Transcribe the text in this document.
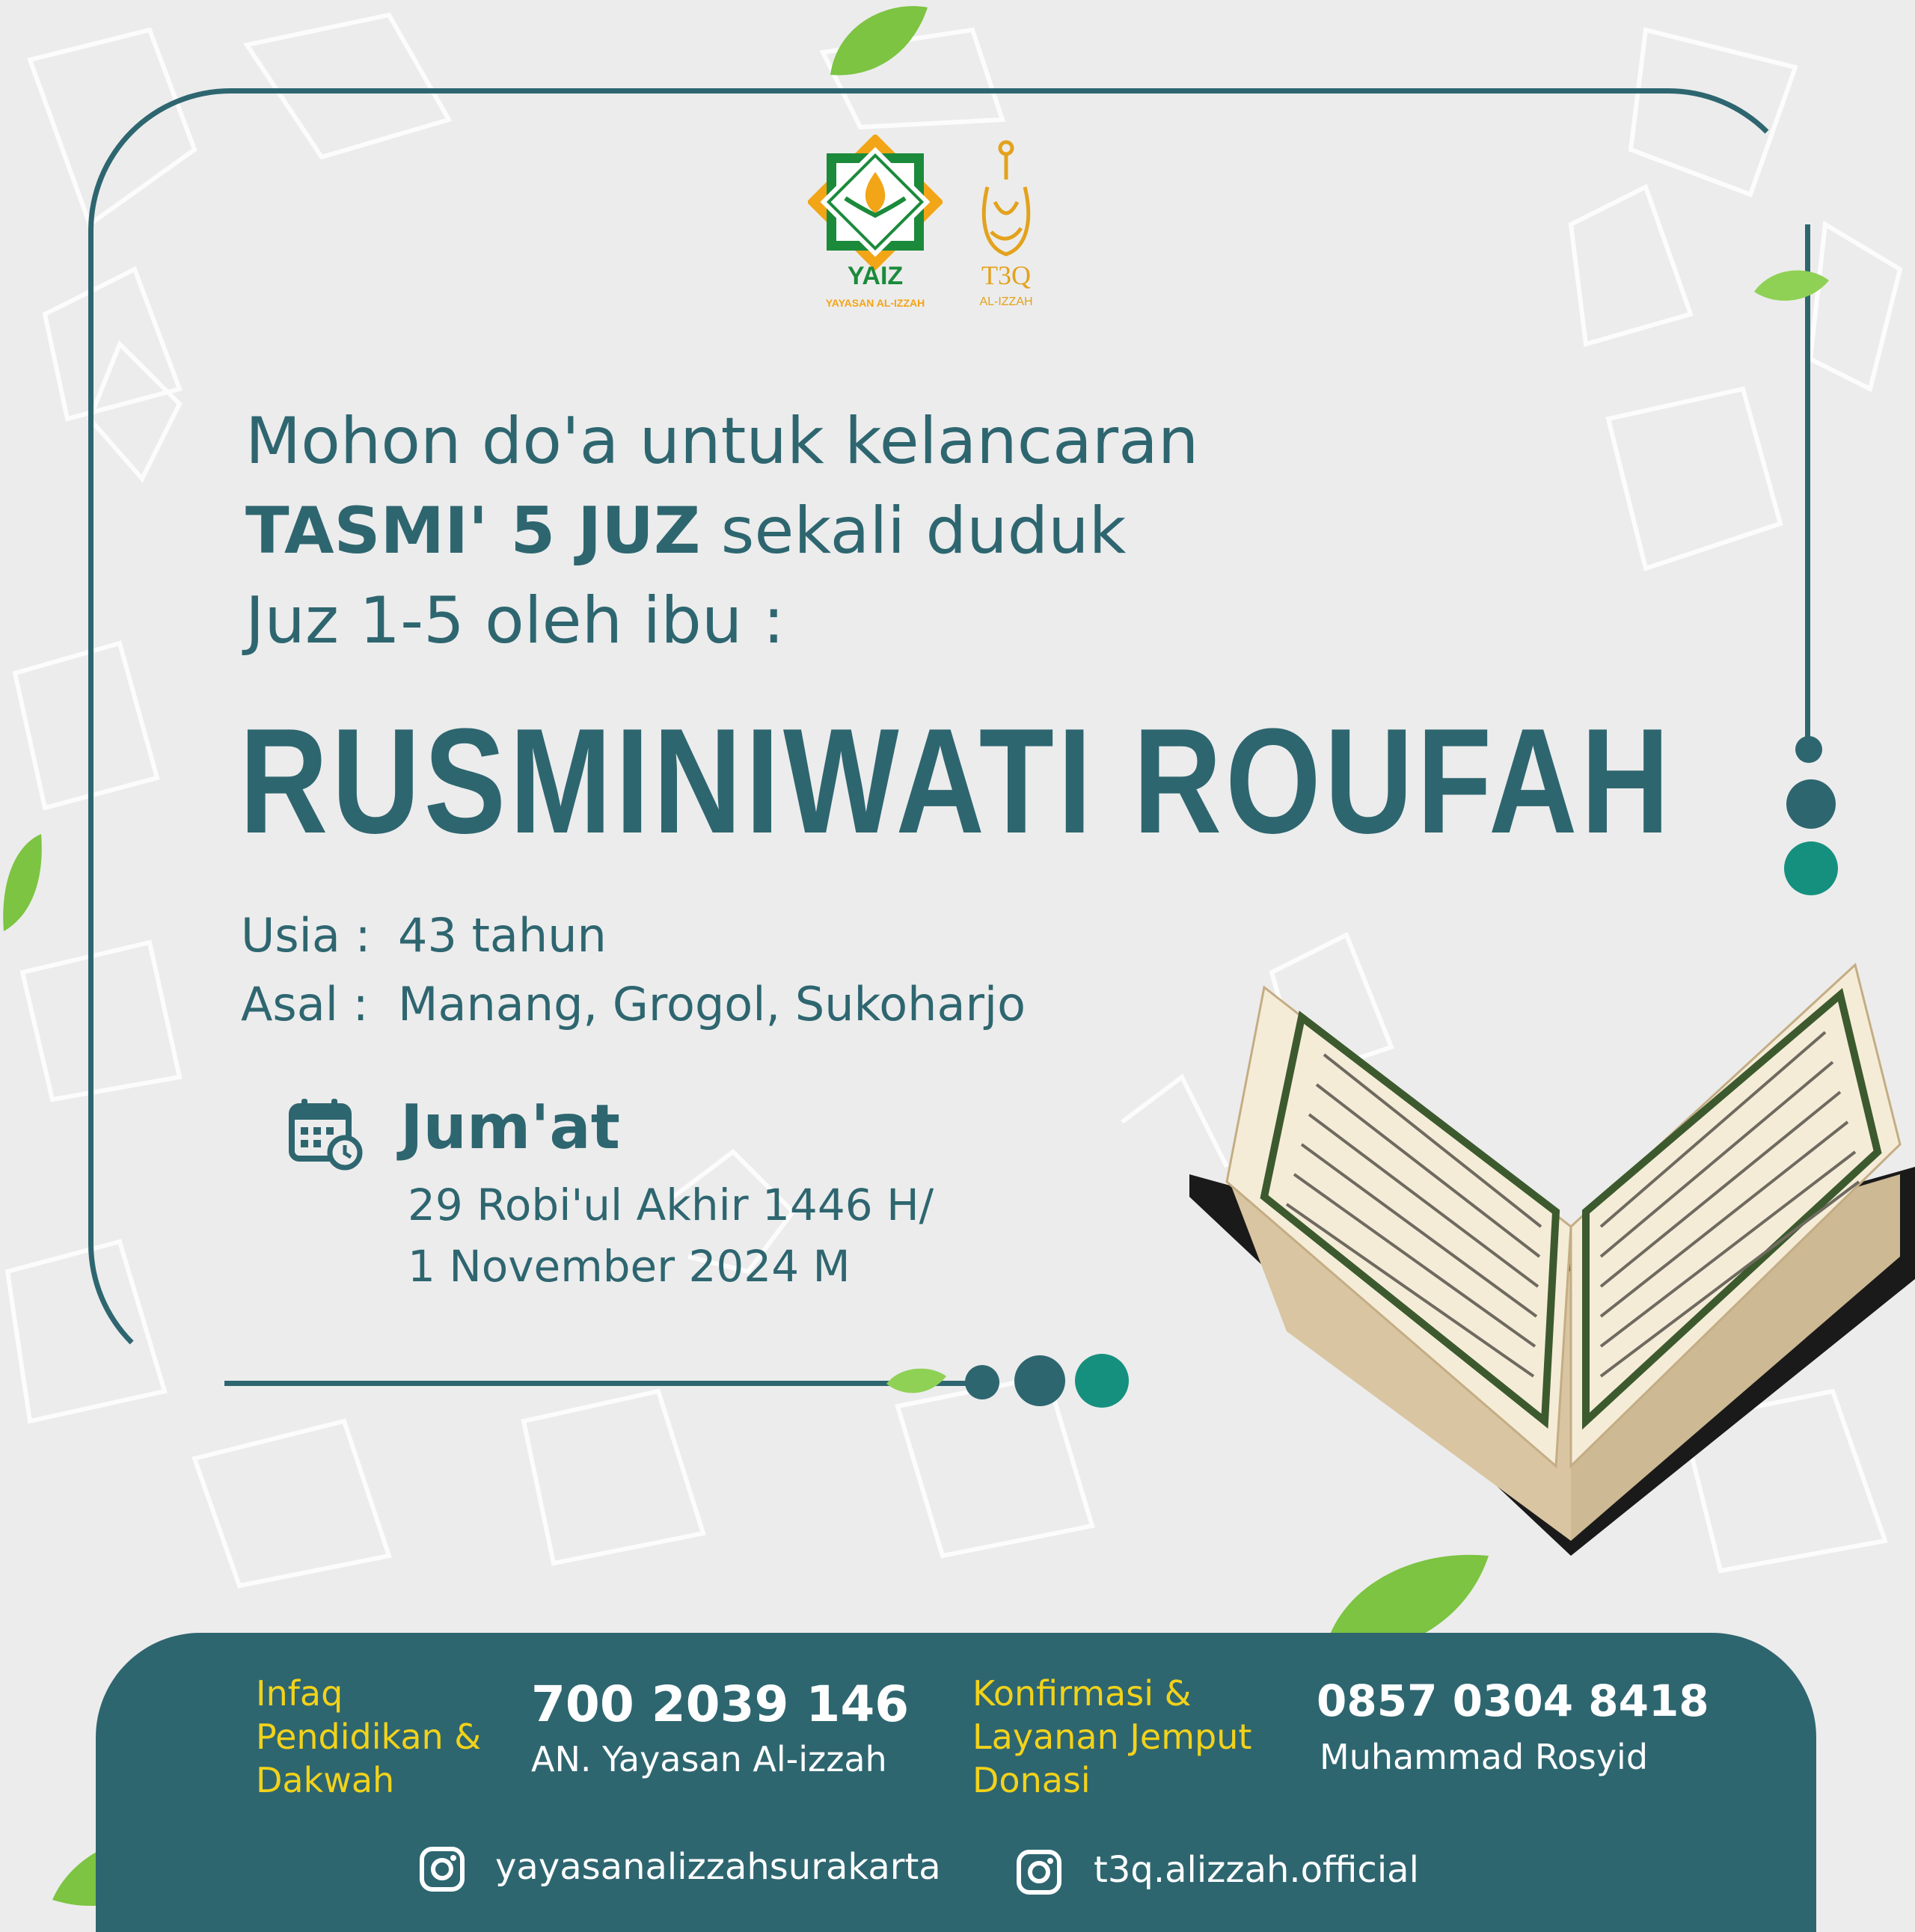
YAIZ
YAYASAN AL-IZZAH
T3Q
AL-IZZAH
Mohon do'a untuk kelancaran
TASMI' 5 JUZ sekali duduk
Juz 1-5 oleh ibu :
RUSMINIWATI ROUFAH
Usia : 43 tahun
Asal : Manang, Grogol, Sukoharjo
Jum'at
29 Robi'ul Akhir 1446 H/
1 November 2024 M
Infaq
Pendidikan &
Dakwah
700 2039 146
AN. Yayasan Al-izzah
Konfirmasi &
Layanan Jemput
Donasi
0857 0304 8418
Muhammad Rosyid
yayasanalizzahsurakarta	t3q.alizzah.official
